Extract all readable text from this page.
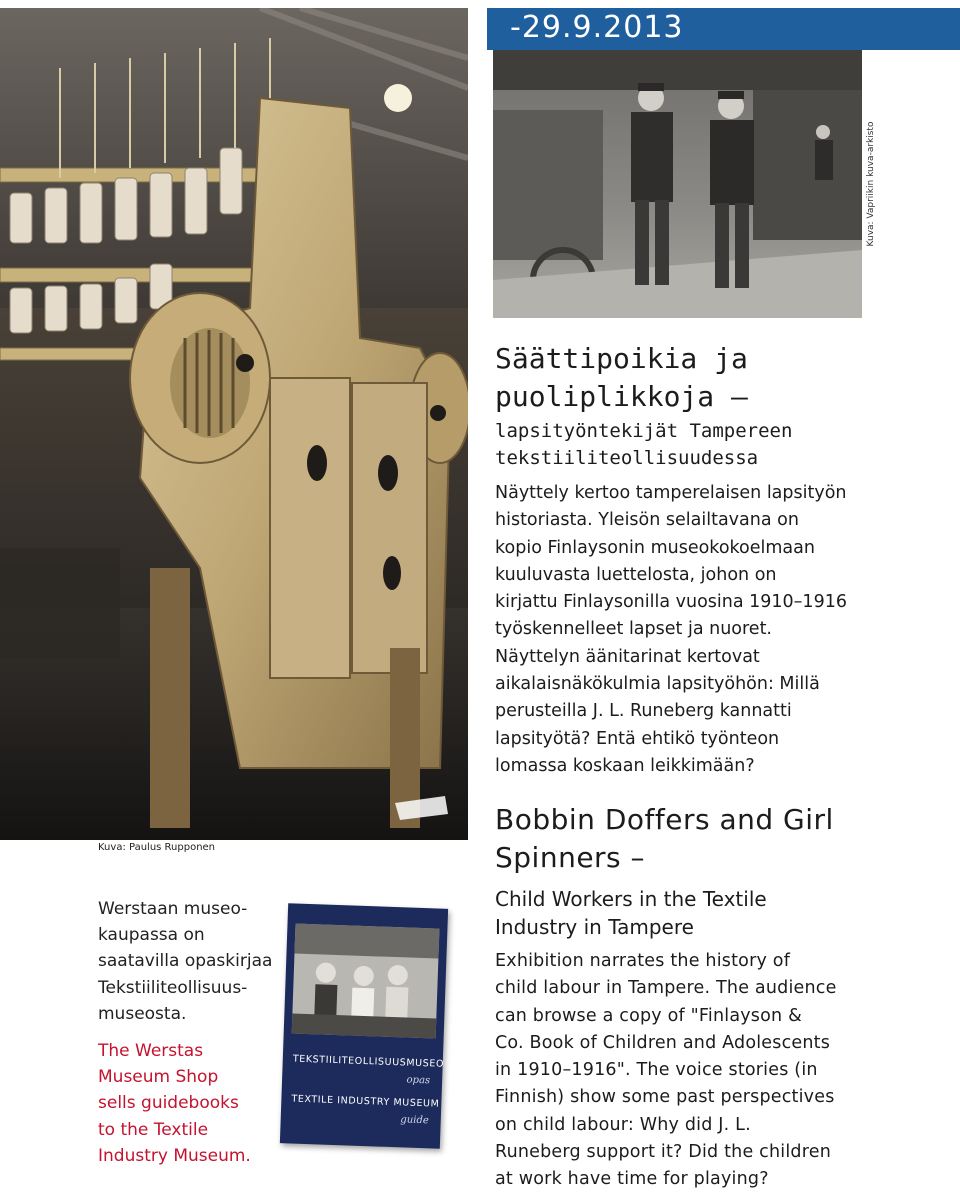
-29.9.2013
Kuva: Vapriikin kuva-arkisto
Säättipoikia ja
puoliplikkoja –
lapsityöntekijät Tampereen
tekstiiliteollisuudessa
Näyttely kertoo tamperelaisen lapsityön
historiasta. Yleisön selailtavana on
kopio Finlaysonin museokokoelmaan
kuuluvasta luettelosta, johon on
kirjattu Finlaysonilla vuosina 1910–1916
työskennelleet lapset ja nuoret.
Näyttelyn äänitarinat kertovat
aikalaisnäkökulmia lapsityöhön: Millä
perusteilla J. L. Runeberg kannatti
lapsityötä? Entä ehtikö työnteon
lomassa koskaan leikkimään?
Bobbin Doffers and Girl
Spinners –
Child Workers in the Textile
Industry in Tampere
Exhibition narrates the history of
child labour in Tampere. The audience
can browse a copy of "Finlayson &
Co. Book of Children and Adolescents
in 1910–1916". The voice stories (in
Finnish) show some past perspectives
on child labour: Why did J. L.
Runeberg support it? Did the children
at work have time for playing?
Kuva: Paulus Rupponen
Werstaan museo-
kaupassa on
saatavilla opaskirjaa
Tekstiiliteollisuus-
museosta.
The Werstas
Museum Shop
sells guidebooks
to the Textile
Industry Museum.
TEKSTIILITEOLLISUUSMUSEO
opas
TEXTILE INDUSTRY MUSEUM
guide
